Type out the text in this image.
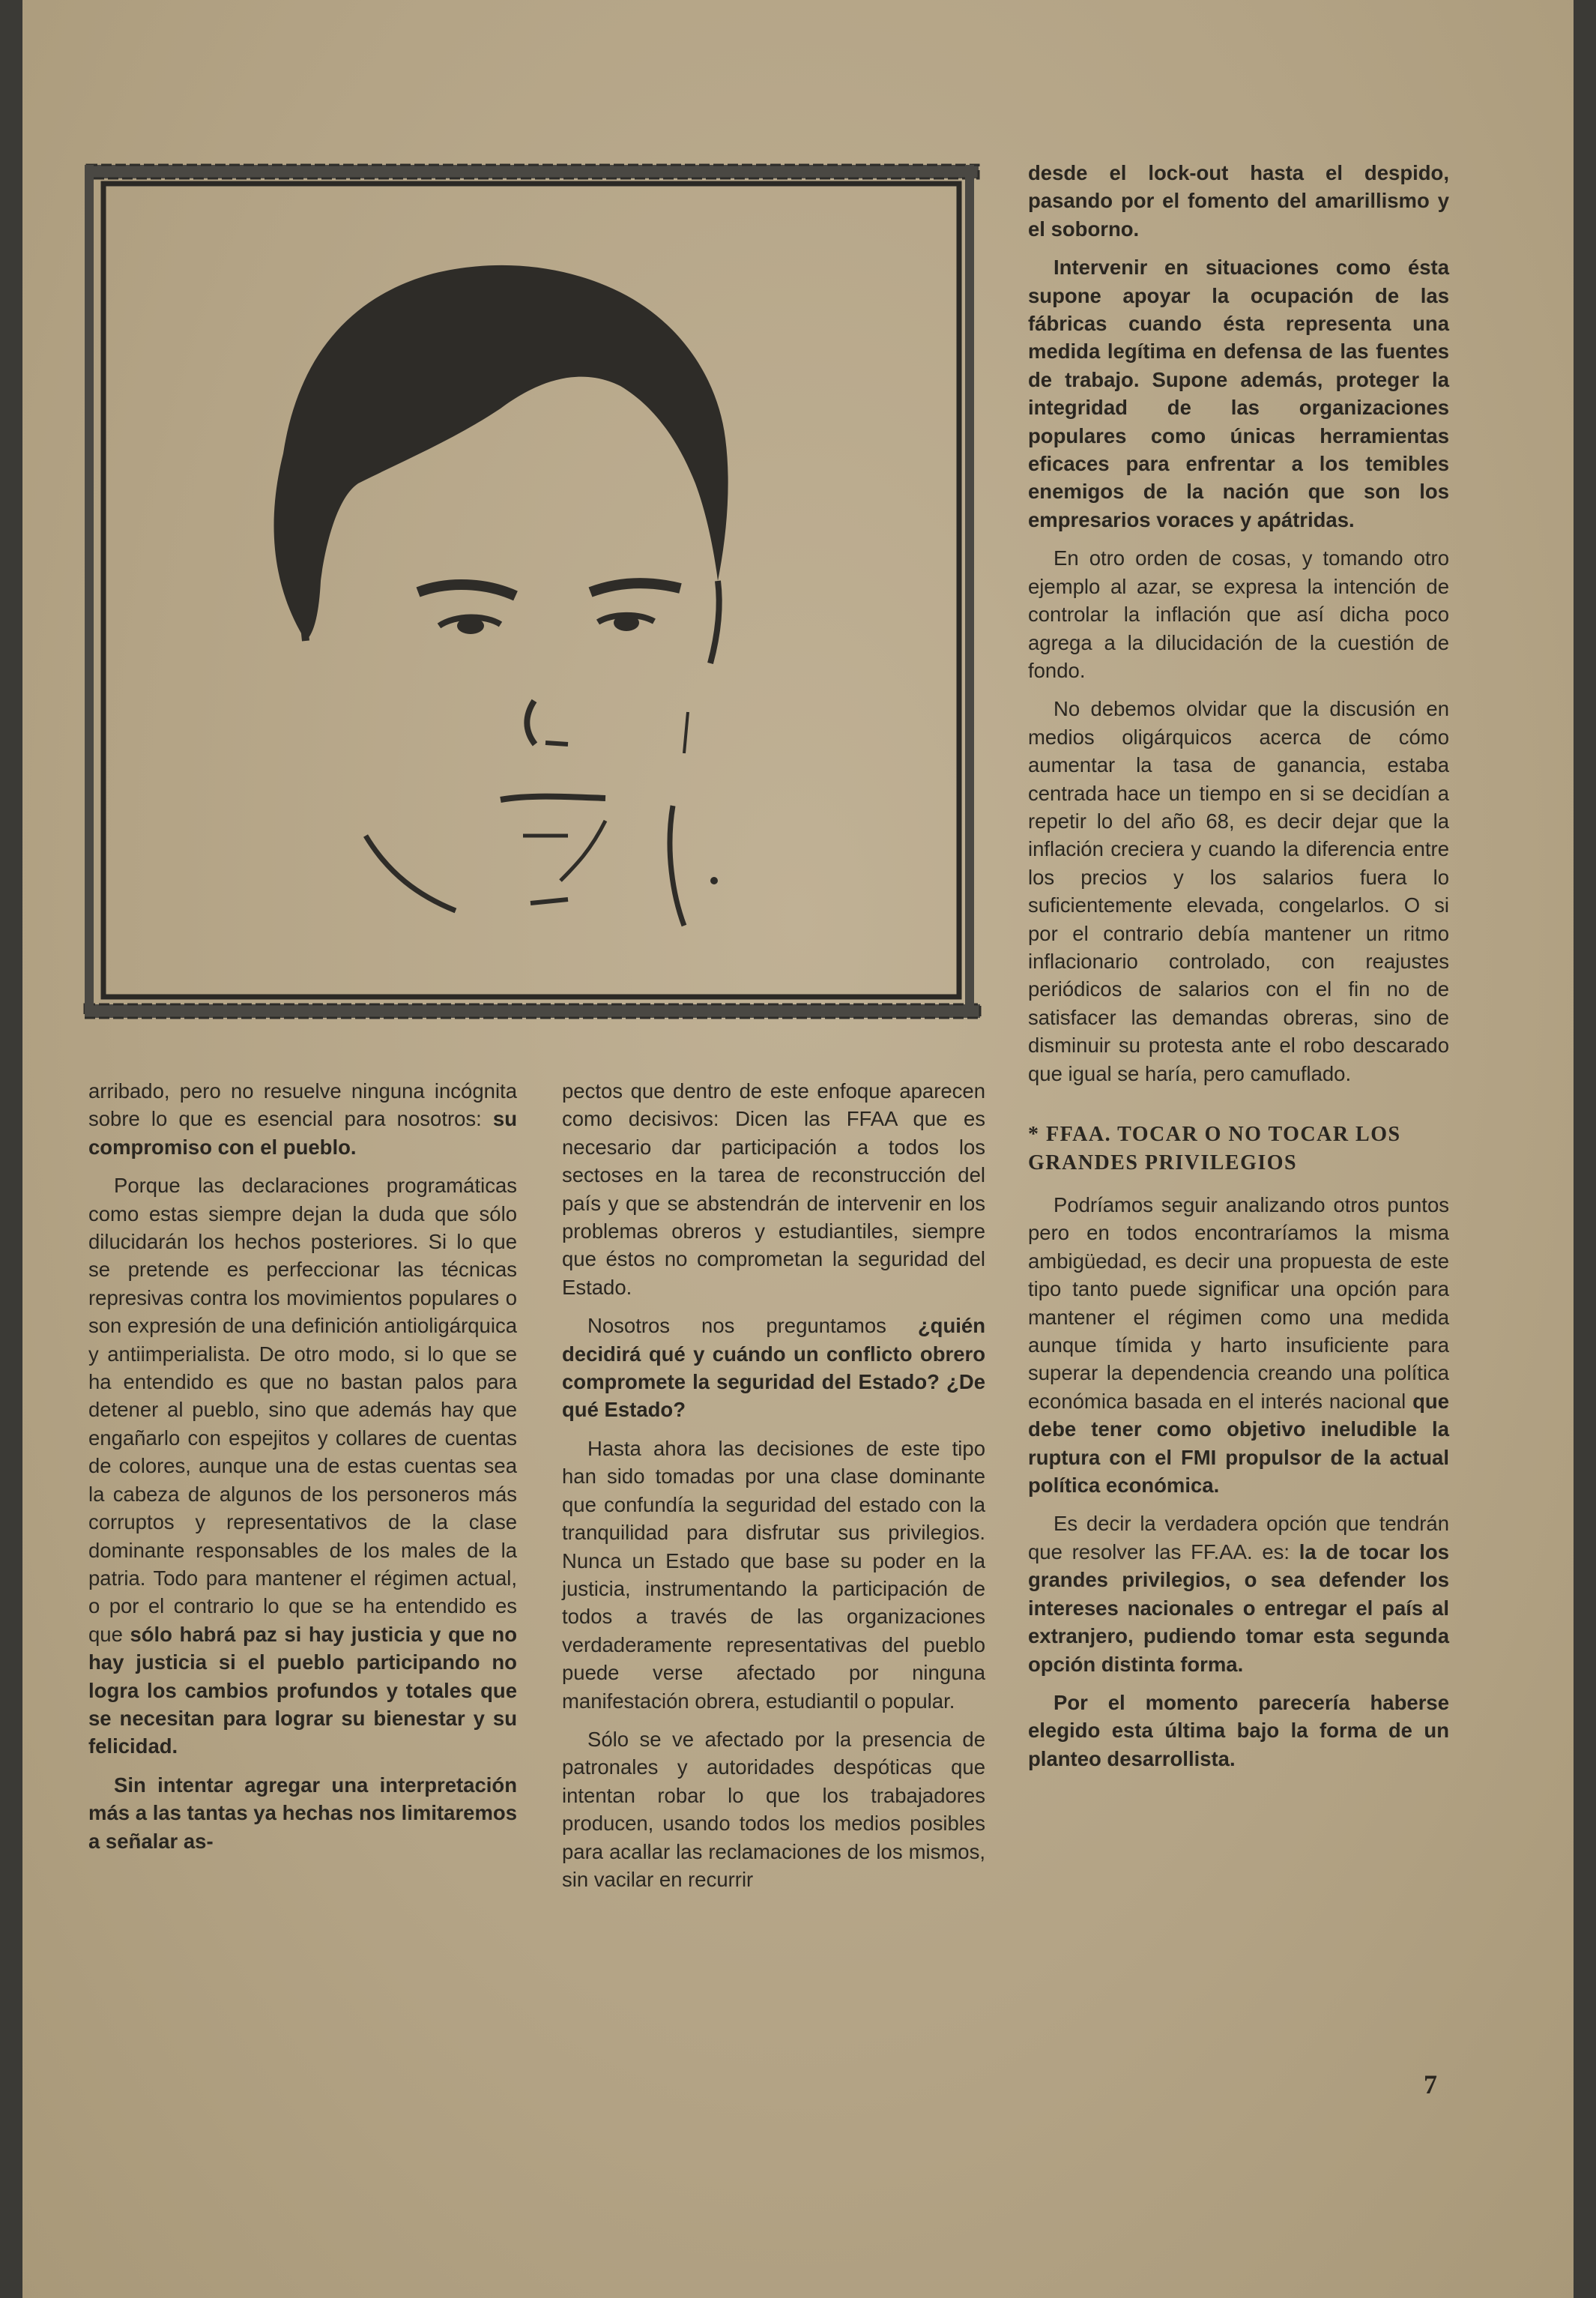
arribado, pero no resuelve ninguna incógnita sobre lo que es esencial para nosotros: su compromiso con el pueblo.

Porque las declaraciones programáticas como estas siempre dejan la duda que sólo dilucidarán los hechos posteriores. Si lo que se pretende es perfeccionar las técnicas represivas contra los movimientos populares o son expresión de una definición antioligárquica y antiimperialista. De otro modo, si lo que se ha entendido es que no bastan palos para detener al pueblo, sino que además hay que engañarlo con espejitos y collares de cuentas de colores, aunque una de estas cuentas sea la cabeza de algunos de los personeros más corruptos y representativos de la clase dominante responsables de los males de la patria. Todo para mantener el régimen actual, o por el contrario lo que se ha entendido es que sólo habrá paz si hay justicia y que no hay justicia si el pueblo participando no logra los cambios profundos y totales que se necesitan para lograr su bienestar y su felicidad.

Sin intentar agregar una interpretación más a las tantas ya hechas nos limitaremos a señalar as-

pectos que dentro de este enfoque aparecen como decisivos: Dicen las FFAA que es necesario dar participación a todos los sectoses en la tarea de reconstrucción del país y que se abstendrán de intervenir en los problemas obreros y estudiantiles, siempre que éstos no comprometan la seguridad del Estado.

Nosotros nos preguntamos ¿quién decidirá qué y cuándo un conflicto obrero compromete la seguridad del Estado? ¿De qué Estado?

Hasta ahora las decisiones de este tipo han sido tomadas por una clase dominante que confundía la seguridad del estado con la tranquilidad para disfrutar sus privilegios. Nunca un Estado que base su poder en la justicia, instrumentando la participación de todos a través de las organizaciones verdaderamente representativas del pueblo puede verse afectado por ninguna manifestación obrera, estudiantil o popular.

Sólo se ve afectado por la presencia de patronales y autoridades despóticas que intentan robar lo que los trabajadores producen, usando todos los medios posibles para acallar las reclamaciones de los mismos, sin vacilar en recurrir

desde el lock-out hasta el despido, pasando por el fomento del amarillismo y el soborno.

Intervenir en situaciones como ésta supone apoyar la ocupación de las fábricas cuando ésta representa una medida legítima en defensa de las fuentes de trabajo. Supone además, proteger la integridad de las organizaciones populares como únicas herramientas eficaces para enfrentar a los temibles enemigos de la nación que son los empresarios voraces y apátridas.

En otro orden de cosas, y tomando otro ejemplo al azar, se expresa la intención de controlar la inflación que así dicha poco agrega a la dilucidación de la cuestión de fondo.

No debemos olvidar que la discusión en medios oligárquicos acerca de cómo aumentar la tasa de ganancia, estaba centrada hace un tiempo en si se decidían a repetir lo del año 68, es decir dejar que la inflación creciera y cuando la diferencia entre los precios y los salarios fuera lo suficientemente elevada, congelarlos. O si por el contrario debía mantener un ritmo inflacionario controlado, con reajustes periódicos de salarios con el fin no de satisfacer las demandas obreras, sino de disminuir su protesta ante el robo descarado que igual se haría, pero camuflado.

* FFAA. TOCAR O NO TOCAR LOS GRANDES PRIVILEGIOS

Podríamos seguir analizando otros puntos pero en todos encontraríamos la misma ambigüedad, es decir una propuesta de este tipo tanto puede significar una opción para mantener el régimen como una medida aunque tímida y harto insuficiente para superar la dependencia creando una política económica basada en el interés nacional que debe tener como objetivo ineludible la ruptura con el FMI propulsor de la actual política económica.

Es decir la verdadera opción que tendrán que resolver las FF.AA. es: la de tocar los grandes privilegios, o sea defender los intereses nacionales o entregar el país al extranjero, pudiendo tomar esta segunda opción distinta forma.

Por el momento parecería haberse elegido esta última bajo la forma de un planteo desarrollista.

7
